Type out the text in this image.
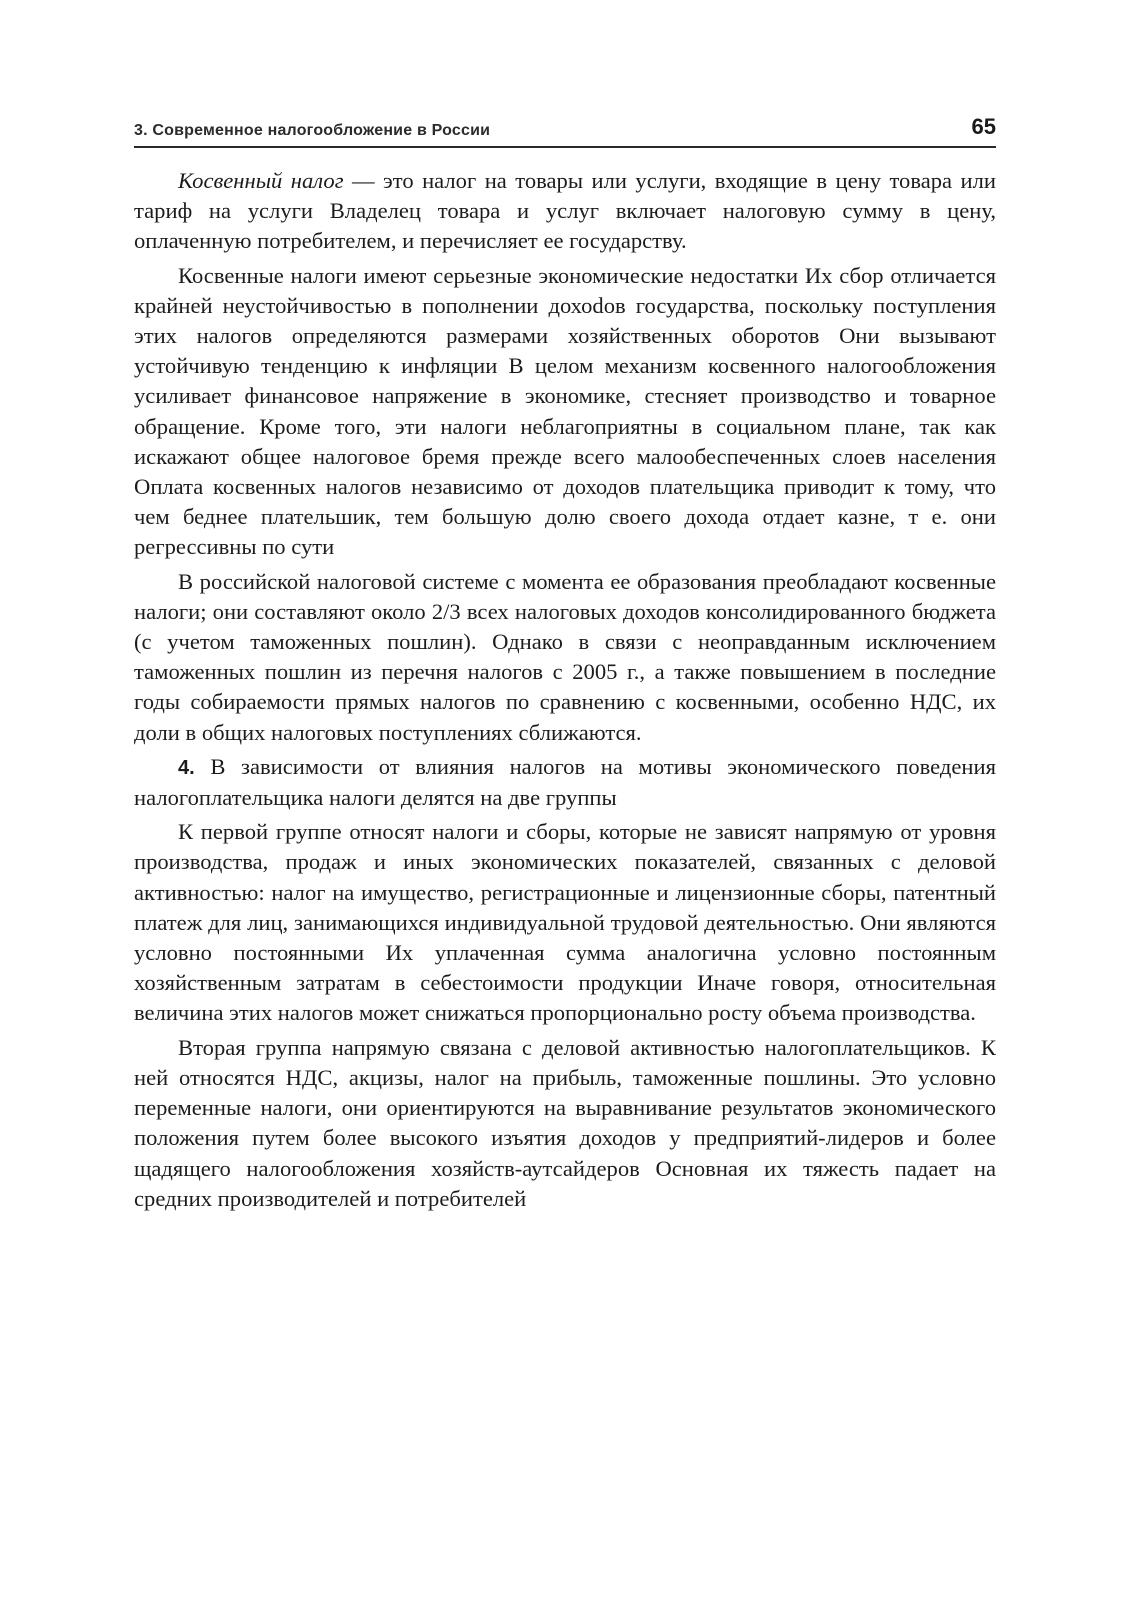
3. Современное налогообложение в России	65

Косвенный налог — это налог на товары или услуги, входящие в цену товара или тариф на услуги Владелец товара и услуг включает налоговую сумму в цену, оплаченную потребителем, и перечисляет ее государству.

Косвенные налоги имеют серьезные экономические недостатки Их сбор отличается крайней неустойчивостью в пополнении дохоdов государства, поскольку поступления этих налогов определяются размерами хозяйственных оборотов Они вызывают устойчивую тенденцию к инфляции В целом механизм косвенного налогообложения усиливает финансовое напряжение в экономике, стесняет производство и товарное обращение. Кроме того, эти налоги неблагоприятны в социальном плане, так как искажают общее налоговое бремя прежде всего малообеспеченных слоев населения Оплата косвенных налогов независимо от доходов плательщика приводит к тому, что чем беднее плательшик, тем большую долю своего дохода отдает казне, т е. они регрессивны по сути

В российской налоговой системе с момента ее образования преобладают косвенные налоги; они составляют около 2/3 всех налоговых доходов консолидированного бюджета (с учетом таможенных пошлин). Однако в связи с неоправданным исключением таможенных пошлин из перечня налогов с 2005 г., а также повышением в последние годы собираемости прямых налогов по сравнению с косвенными, особенно НДС, их доли в общих налоговых поступлениях сближаются.

4. В зависимости от влияния налогов на мотивы экономического поведения налогоплательщика налоги делятся на две группы

К первой группе относят налоги и сборы, которые не зависят напрямую от уровня производства, продаж и иных экономических показателей, связанных с деловой активностью: налог на имущество, регистрационные и лицензионные сборы, патентный платеж для лиц, занимающихся индивидуальной трудовой деятельностью. Они являются условно постоянными Их уплаченная сумма аналогична условно постоянным хозяйственным затратам в себестоимости продукции Иначе говоря, относительная величина этих налогов может снижаться пропорционально росту объема производства.

Вторая группа напрямую связана с деловой активностью налогоплательщиков. К ней относятся НДС, акцизы, налог на прибыль, таможенные пошлины. Это условно переменные налоги, они ориентируются на выравнивание результатов экономического положения путем более высокого изъятия доходов у предприятий-лидеров и более щадящего налогообложения хозяйств-аутсайдеров Основная их тяжесть падает на средних производителей и потребителей
